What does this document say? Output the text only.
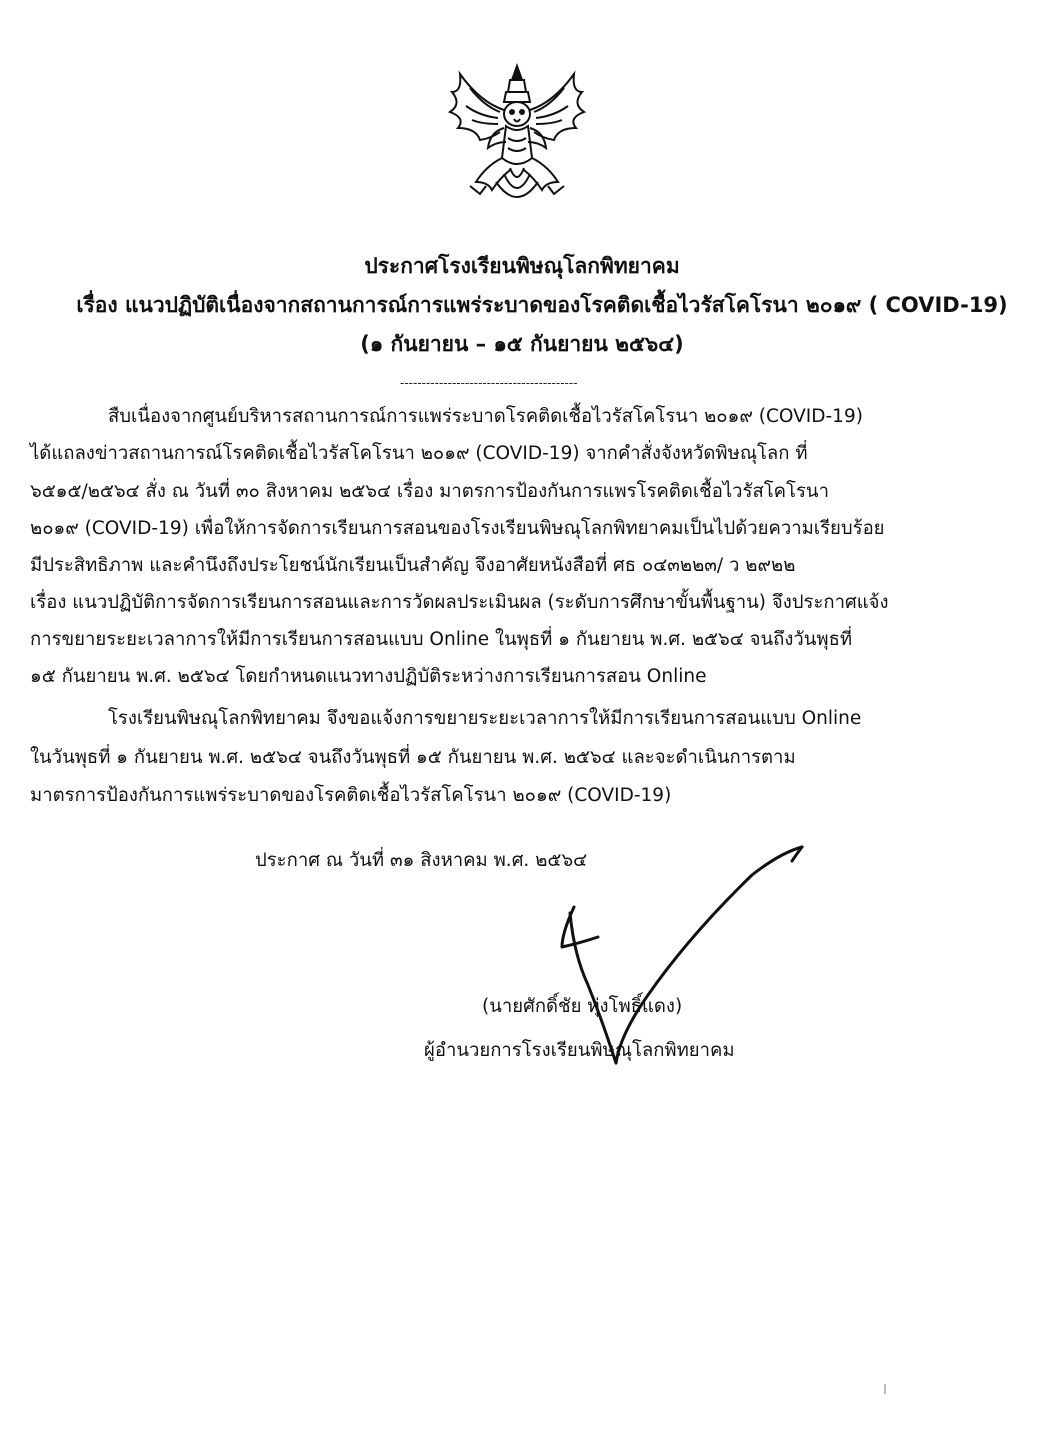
ประกาศโรงเรียนพิษณุโลกพิทยาคม
เรื่อง แนวปฏิบัติเนื่องจากสถานการณ์การแพร่ระบาดของโรคติดเชื้อไวรัสโคโรนา ๒๐๑๙ ( COVID-19)
(๑ กันยายน – ๑๕ กันยายน ๒๕๖๔)
-----------------------------------------
สืบเนื่องจากศูนย์บริหารสถานการณ์การแพร่ระบาดโรคติดเชื้อไวรัสโคโรนา ๒๐๑๙ (COVID-19)
ได้แถลงข่าวสถานการณ์โรคติดเชื้อไวรัสโคโรนา ๒๐๑๙ (COVID-19) จากคำสั่งจังหวัดพิษณุโลก ที่
๖๕๑๕/๒๕๖๔ สั่ง ณ วันที่ ๓๐ สิงหาคม ๒๕๖๔ เรื่อง มาตรการป้องกันการแพรโรคติดเชื้อไวรัสโคโรนา
๒๐๑๙ (COVID-19) เพื่อให้การจัดการเรียนการสอนของโรงเรียนพิษณุโลกพิทยาคมเป็นไปด้วยความเรียบร้อย
มีประสิทธิภาพ และคำนึงถึงประโยชน์นักเรียนเป็นสำคัญ จึงอาศัยหนังสือที่ ศธ ๐๔๓๒๒๓/ ว ๒๙๒๒
เรื่อง แนวปฏิบัติการจัดการเรียนการสอนและการวัดผลประเมินผล (ระดับการศึกษาขั้นพื้นฐาน) จึงประกาศแจ้ง
การขยายระยะเวลาการให้มีการเรียนการสอนแบบ Online ในพุธที่ ๑ กันยายน พ.ศ. ๒๕๖๔ จนถึงวันพุธที่
๑๕ กันยายน พ.ศ. ๒๕๖๔ โดยกำหนดแนวทางปฏิบัติระหว่างการเรียนการสอน Online
โรงเรียนพิษณุโลกพิทยาคม จึงขอแจ้งการขยายระยะเวลาการให้มีการเรียนการสอนแบบ Online
ในวันพุธที่ ๑ กันยายน พ.ศ. ๒๕๖๔ จนถึงวันพุธที่ ๑๕ กันยายน พ.ศ. ๒๕๖๔ และจะดำเนินการตาม
มาตรการป้องกันการแพร่ระบาดของโรคติดเชื้อไวรัสโคโรนา ๒๐๑๙ (COVID-19)
ประกาศ ณ วันที่ ๓๑ สิงหาคม พ.ศ. ๒๕๖๔
(นายศักดิ์ชัย ทุ่งโพธิ์แดง)
ผู้อำนวยการโรงเรียนพิษณุโลกพิทยาคม
